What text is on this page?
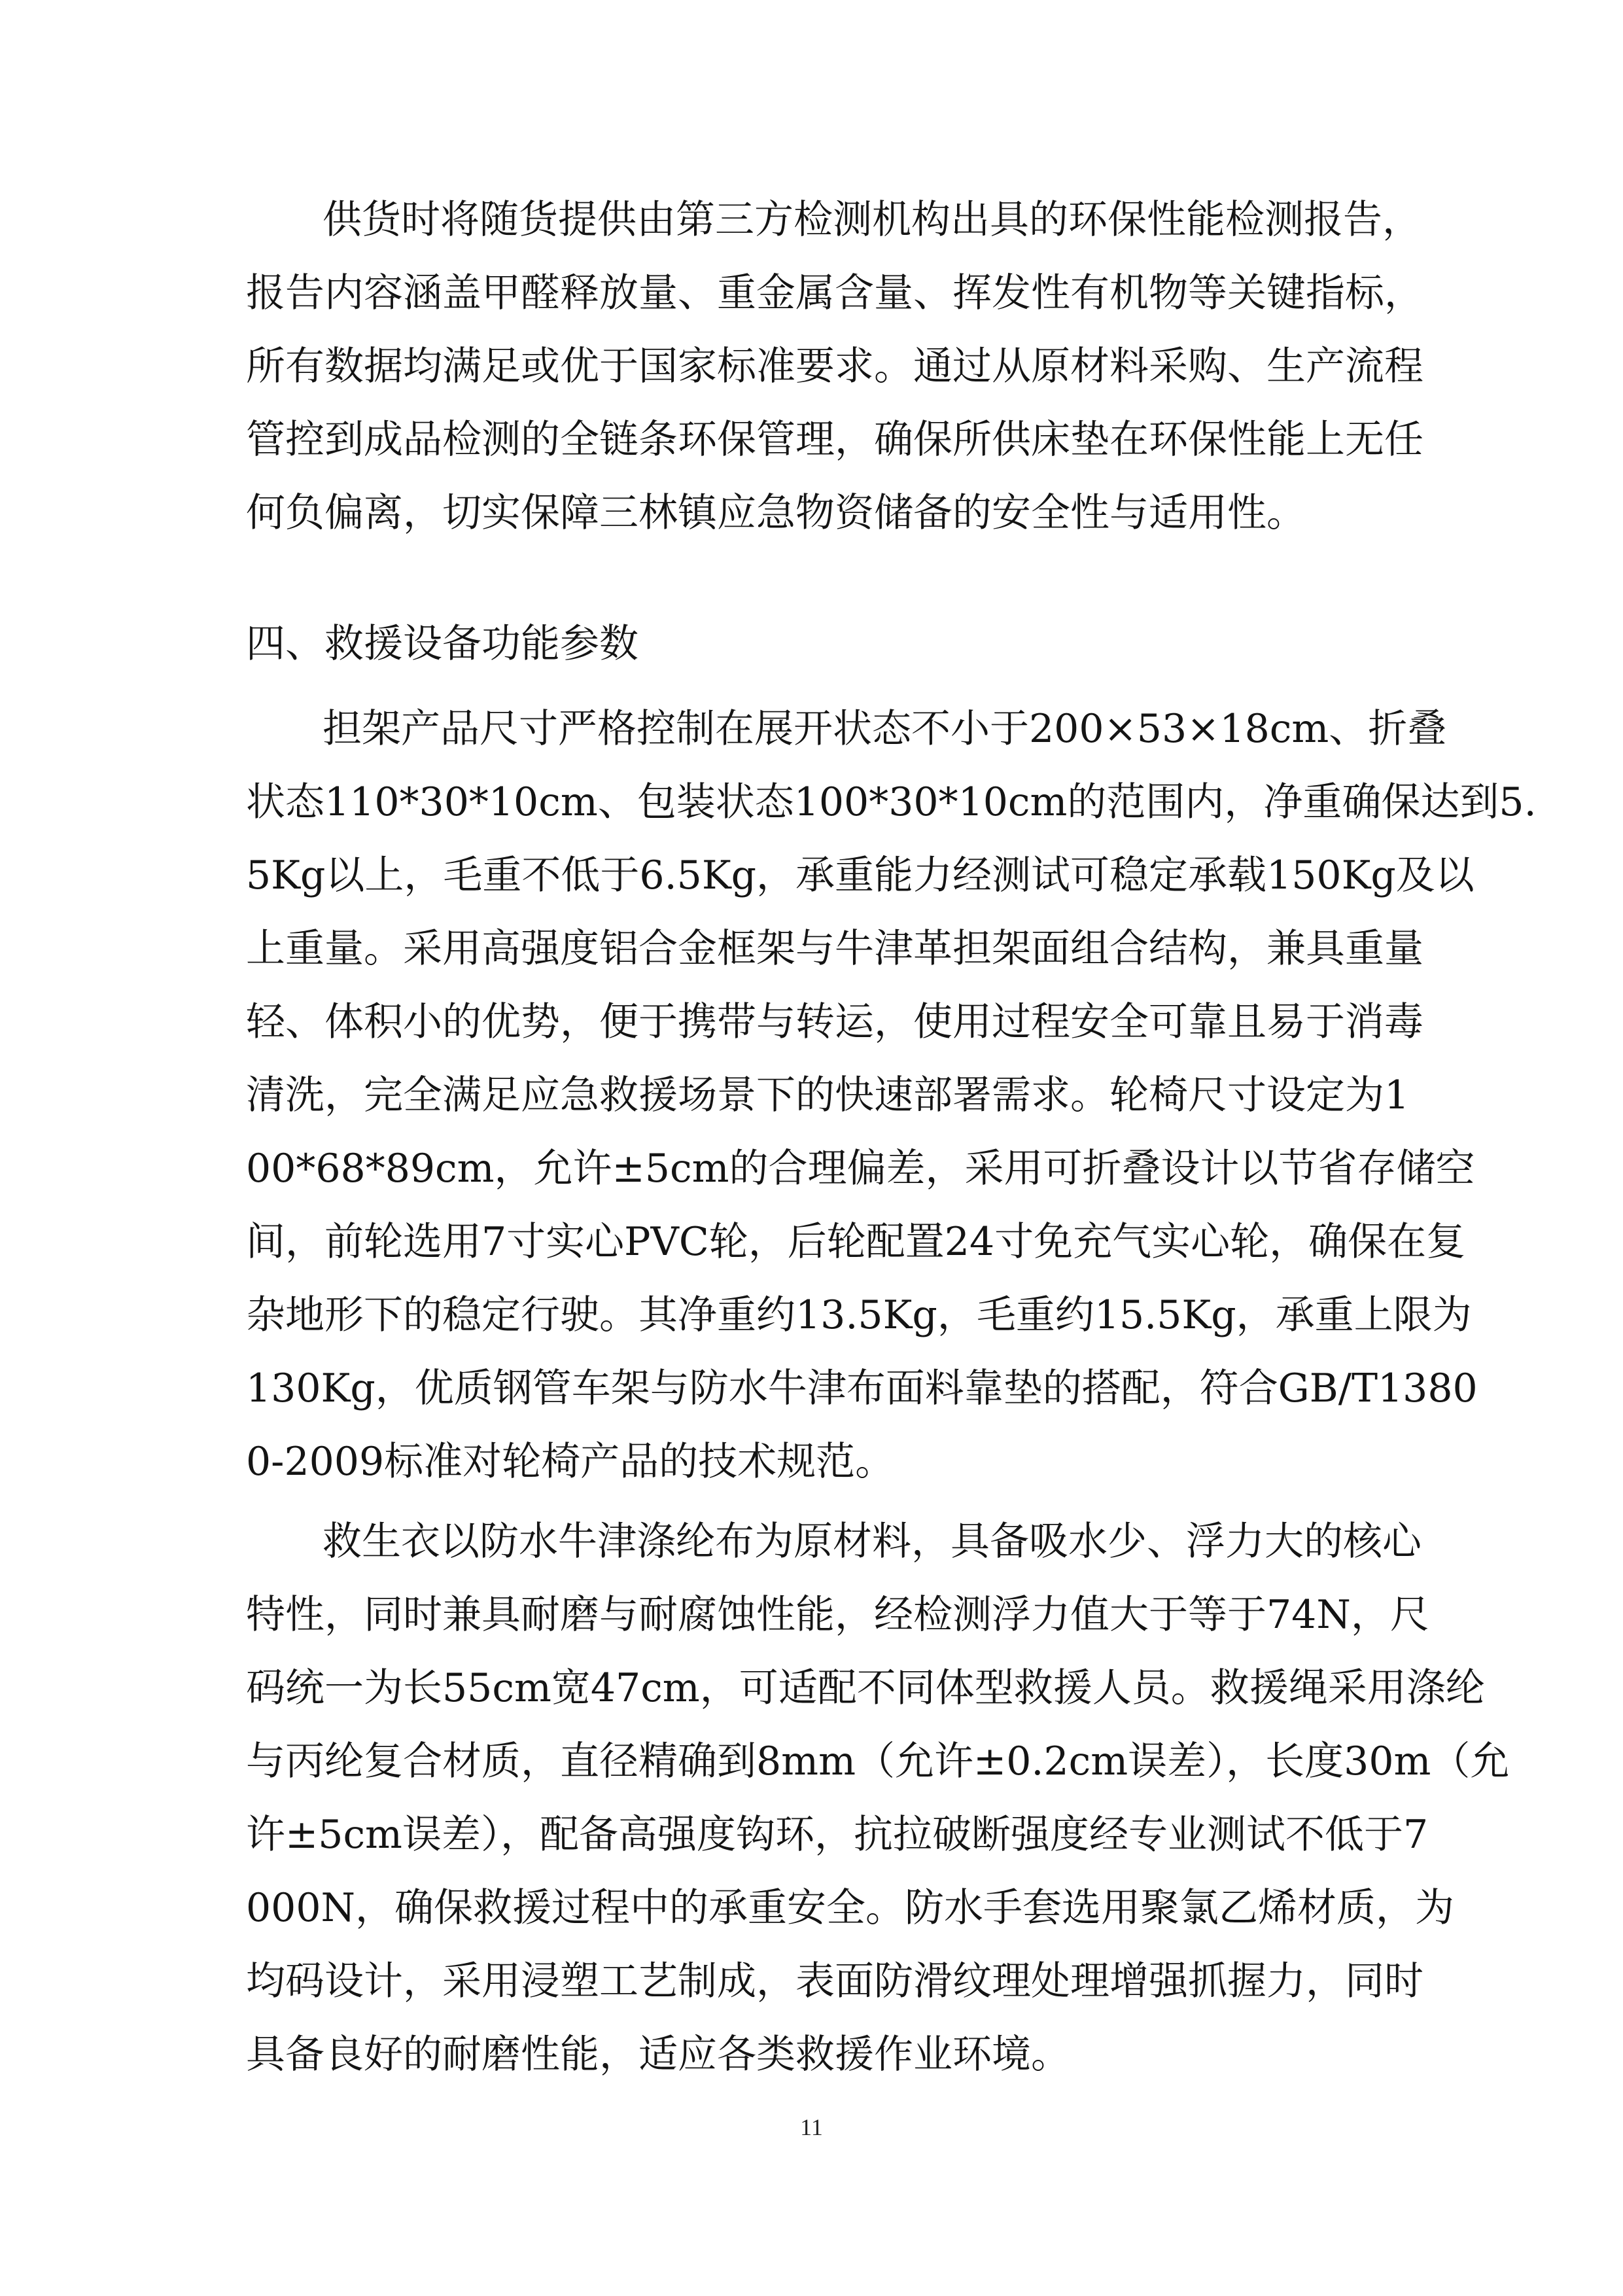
供货时将随货提供由第三方检测机构出具的环保性能检测报告，
报告内容涵盖甲醛释放量、重金属含量、挥发性有机物等关键指标，
所有数据均满足或优于国家标准要求。通过从原材料采购、生产流程
管控到成品检测的全链条环保管理，确保所供床垫在环保性能上无任
何负偏离，切实保障三林镇应急物资储备的安全性与适用性。
四、救援设备功能参数
担架产品尺寸严格控制在展开状态不小于200×53×18cm、折叠
状态110*30*10cm、包装状态100*30*10cm的范围内，净重确保达到5.
5Kg以上，毛重不低于6.5Kg，承重能力经测试可稳定承载150Kg及以
上重量。采用高强度铝合金框架与牛津革担架面组合结构，兼具重量
轻、体积小的优势，便于携带与转运，使用过程安全可靠且易于消毒
清洗，完全满足应急救援场景下的快速部署需求。轮椅尺寸设定为1
00*68*89cm，允许±5cm的合理偏差，采用可折叠设计以节省存储空
间，前轮选用7寸实心PVC轮，后轮配置24寸免充气实心轮，确保在复
杂地形下的稳定行驶。其净重约13.5Kg，毛重约15.5Kg，承重上限为
130Kg，优质钢管车架与防水牛津布面料靠垫的搭配，符合GB/T1380
0-2009标准对轮椅产品的技术规范。
救生衣以防水牛津涤纶布为原材料，具备吸水少、浮力大的核心
特性，同时兼具耐磨与耐腐蚀性能，经检测浮力值大于等于74N，尺
码统一为长55cm宽47cm，可适配不同体型救援人员。救援绳采用涤纶
与丙纶复合材质，直径精确到8mm（允许±0.2cm误差），长度30m（允
许±5cm误差），配备高强度钩环，抗拉破断强度经专业测试不低于7
000N，确保救援过程中的承重安全。防水手套选用聚氯乙烯材质，为
均码设计，采用浸塑工艺制成，表面防滑纹理处理增强抓握力，同时
具备良好的耐磨性能，适应各类救援作业环境。
11
